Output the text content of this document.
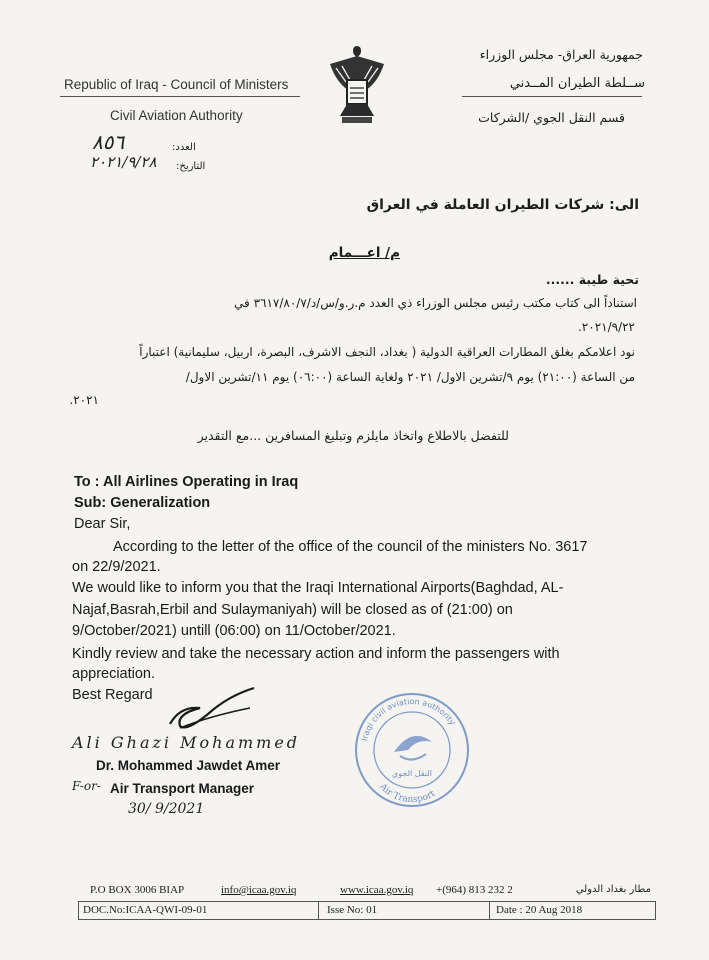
Republic of Iraq - Council of Ministers
Civil Aviation Authority
جمهورية العراق- مجلس الوزراء
ســلطة الطيران المــدني
قسم النقل الجوي /الشركات
العدد:
٨٥٦
التاريخ:
٢٠٢١/٩/٢٨
الى: شركات الطيران العاملة في العراق
م/ اعـــمام
تحية طيبة ......
استناداً الى كتاب مكتب رئيس مجلس الوزراء ذي العدد م.ر.و/س/د/٣٦١٧/٨٠/٧ في
٢٠٢١/٩/٢٢.
نود اعلامكم بغلق المطارات العراقية الدولية ( بغداد، النجف الاشرف، البصرة، اربيل، سليمانية) اعتباراً
من الساعة (٢١:٠٠) يوم ٩/تشرين الاول/ ٢٠٢١ ولغاية الساعة (٠٦:٠٠) يوم ١١/تشرين الاول/
٢٠٢١.
للتفضل بالاطلاع واتخاذ مايلزم وتبليغ المسافرين ...مع التقدير
To : All Airlines Operating in Iraq
Sub: Generalization
Dear Sir,
According to the letter of the office of the council of the ministers No. 3617
on 22/9/2021.
We would like to inform you that the Iraqi International Airports(Baghdad, AL-
Najaf,Basrah,Erbil and Sulaymaniyah) will be closed as of (21:00) on
9/October/2021) untill (06:00) on 11/October/2021.
Kindly review and take the necessary action and inform the passengers with
appreciation.
Best Regard
Ali Ghazi Mohammed
Dr. Mohammed Jawdet Amer
F-or- Air Transport Manager
30/ 9/2021
Iraqi civil aviation authority
Air Transport
النقل الجوي
P.O BOX 3006 BIAP	info@icaa.gov.iq	www.icaa.gov.iq +(964) 813 232 2	مطار بغداد الدولي
DOC.No:ICAA-QWI-09-01	Isse No: 01	Date : 20 Aug 2018
